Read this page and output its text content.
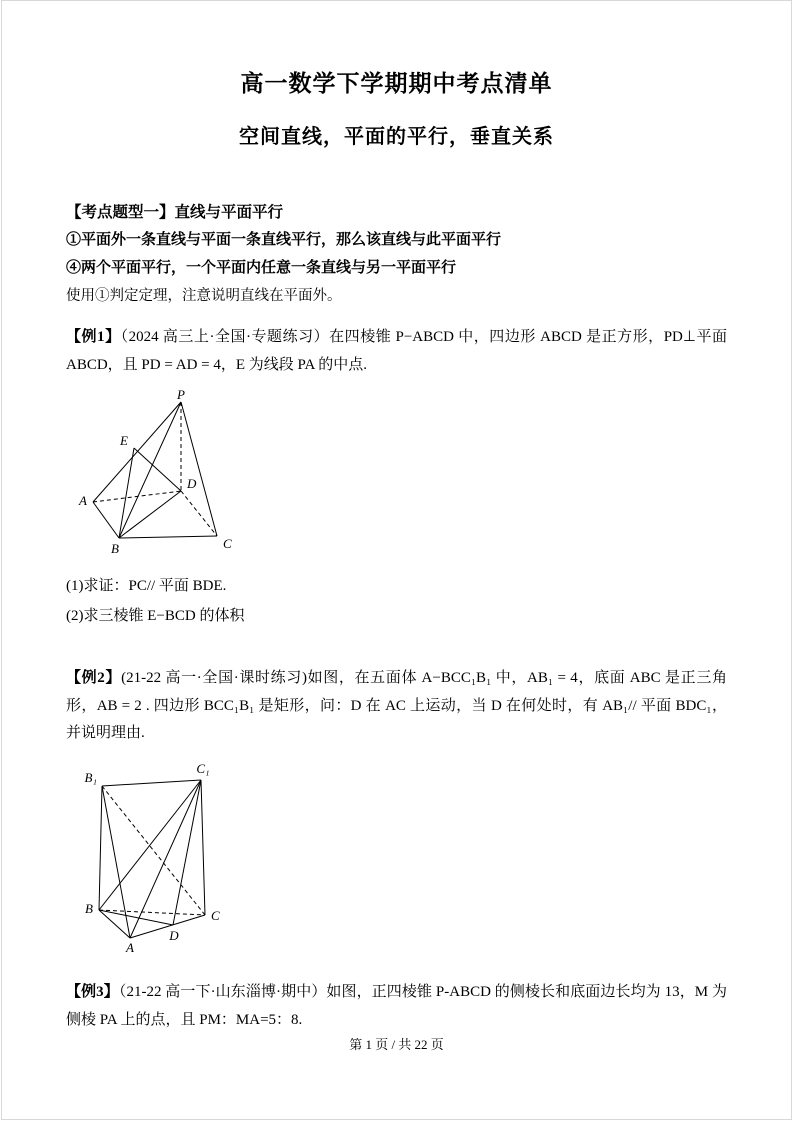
高一数学下学期期中考点清单
空间直线，平面的平行，垂直关系

【考点题型一】直线与平面平行

①平面外一条直线与平面一条直线平行，那么该直线与此平面平行

④两个平面平行，一个平面内任意一条直线与另一平面平行

使用①判定定理，注意说明直线在平面外。

【例1】（2024 高三上·全国·专题练习）在四棱锥 P−ABCD 中，四边形 ABCD 是正方形，PD⊥平面 ABCD，且 PD = AD = 4，E 为线段 PA 的中点.

P
E
A
D
B	C

(1)求证：PC// 平面 BDE.

(2)求三棱锥 E−BCD 的体积

【例2】(21-22 高一·全国·课时练习)如图，在五面体 A−BCC₁B₁ 中，AB₁ = 4，底面 ABC 是正三角形，AB = 2 . 四边形 BCC₁B₁ 是矩形，问：D 在 AC 上运动，当 D 在何处时，有 AB₁// 平面 BDC₁，并说明理由.

B₁
C₁
B
A
D
C

【例3】（21-22 高一下·山东淄博·期中）如图，正四棱锥 P-ABCD 的侧棱长和底面边长均为 13，M 为侧棱 PA 上的点，且 PM：MA=5：8.

第 1 页 / 共 22 页
